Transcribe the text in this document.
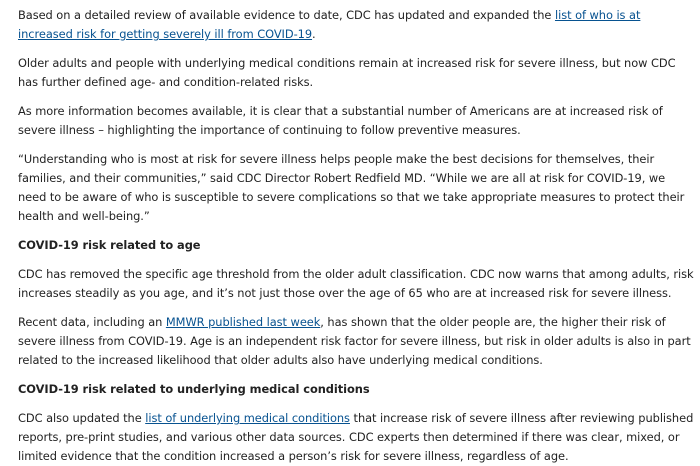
Based on a detailed review of available evidence to date, CDC has updated and expanded the list of who is at increased risk for getting severely ill from COVID-19.

Older adults and people with underlying medical conditions remain at increased risk for severe illness, but now CDC has further defined age- and condition-related risks.

As more information becomes available, it is clear that a substantial number of Americans are at increased risk of severe illness – highlighting the importance of continuing to follow preventive measures.

“Understanding who is most at risk for severe illness helps people make the best decisions for themselves, their families, and their communities,” said CDC Director Robert Redfield MD. “While we are all at risk for COVID-19, we need to be aware of who is susceptible to severe complications so that we take appropriate measures to protect their health and well-being.”

COVID-19 risk related to age

CDC has removed the specific age threshold from the older adult classification. CDC now warns that among adults, risk increases steadily as you age, and it’s not just those over the age of 65 who are at increased risk for severe illness.

Recent data, including an MMWR published last week, has shown that the older people are, the higher their risk of severe illness from COVID-19. Age is an independent risk factor for severe illness, but risk in older adults is also in part related to the increased likelihood that older adults also have underlying medical conditions.

COVID-19 risk related to underlying medical conditions

CDC also updated the list of underlying medical conditions that increase risk of severe illness after reviewing published reports, pre-print studies, and various other data sources. CDC experts then determined if there was clear, mixed, or limited evidence that the condition increased a person’s risk for severe illness, regardless of age.
